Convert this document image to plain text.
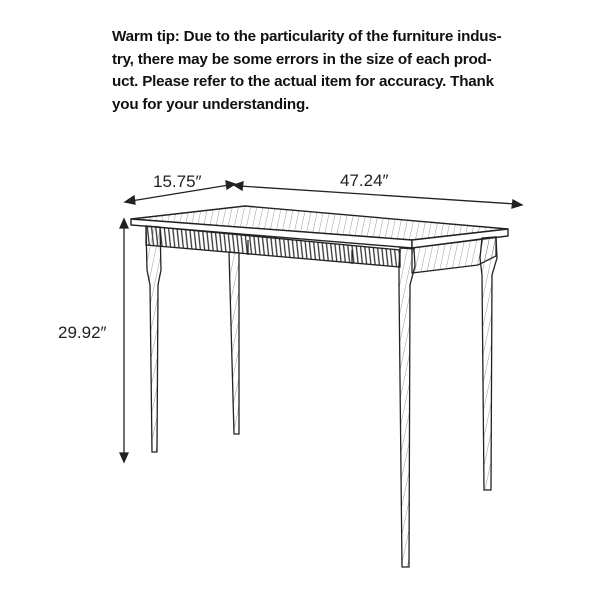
Warm tip: Due to the particularity of the furniture indus-
try, there may be some errors in the size of each prod-
uct. Please refer to the actual item for accuracy. Thank
you for your understanding.
15.75″	47.24″
29.92″
